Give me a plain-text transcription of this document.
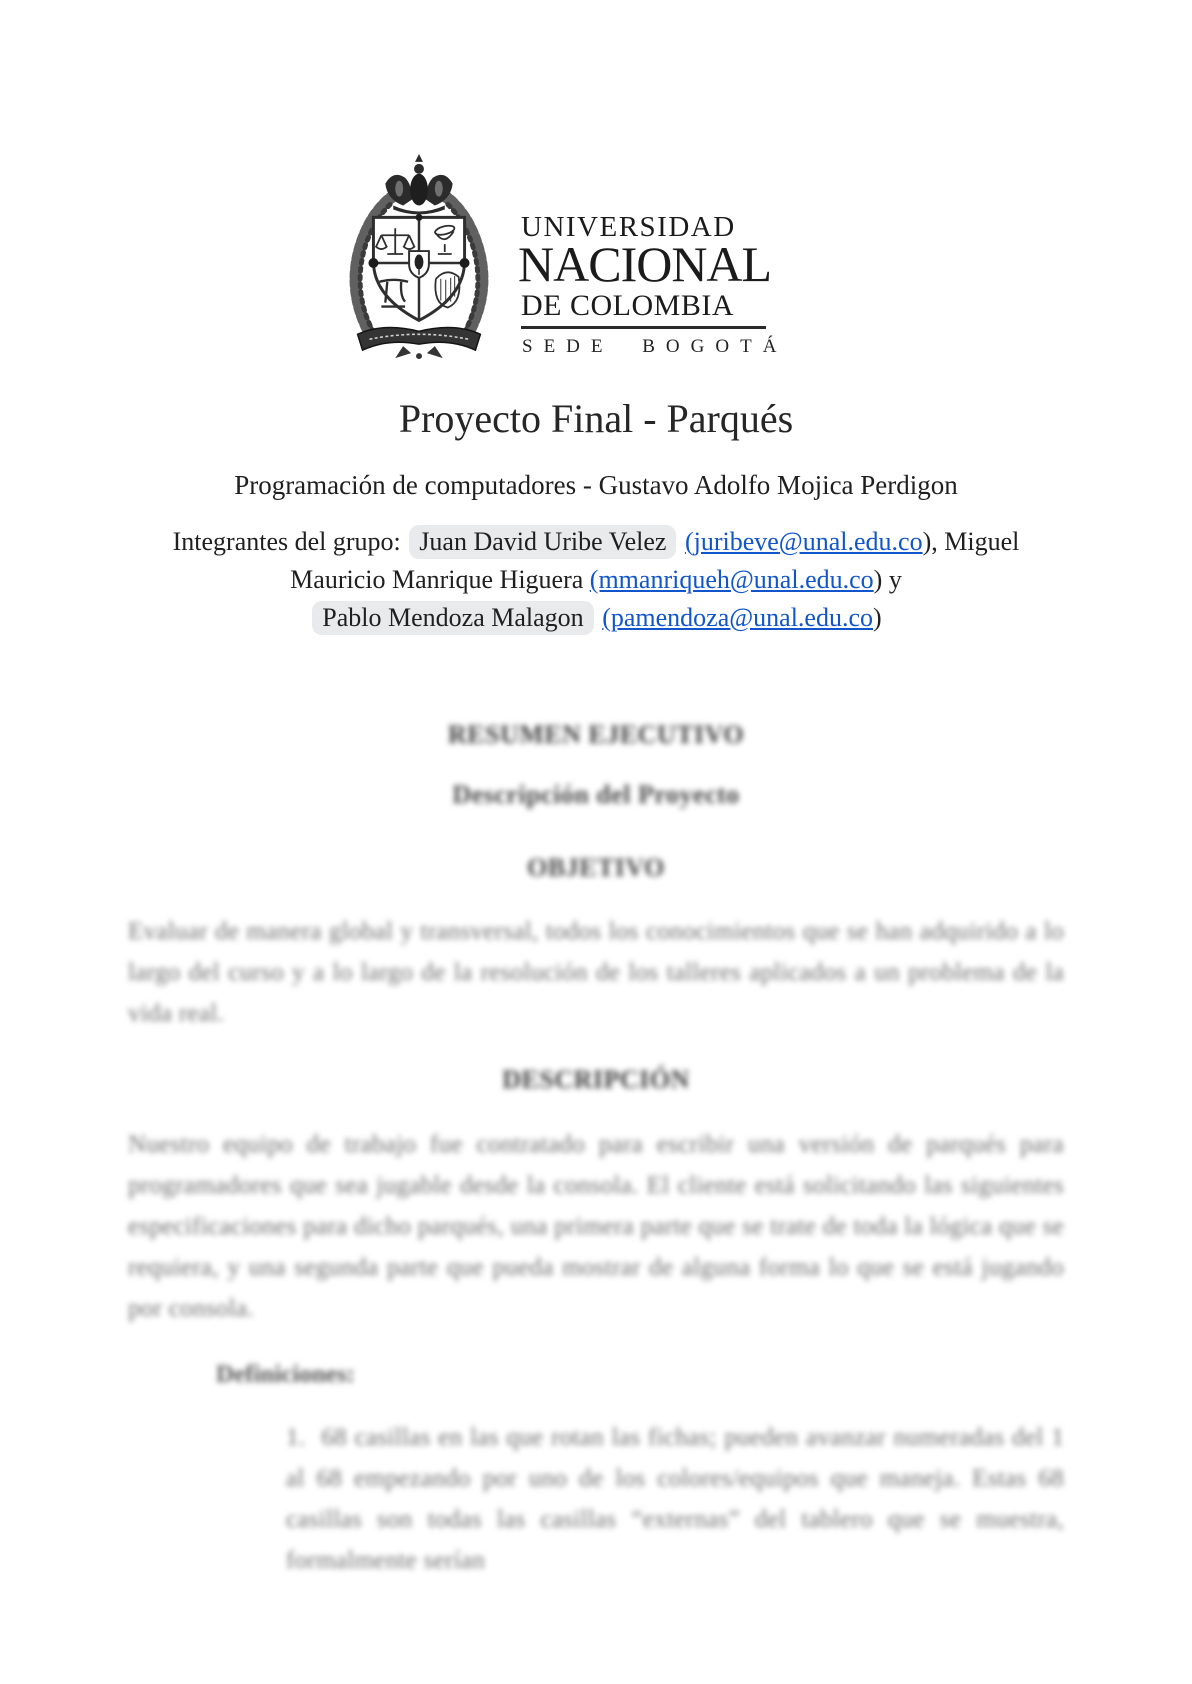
UNIVERSIDAD
NACIONAL
DE COLOMBIA
SEDE BOGOTÁ
Proyecto Final - Parqués
Programación de computadores - Gustavo Adolfo Mojica Perdigon

Integrantes del grupo: Juan David Uribe Velez (juribeve@unal.edu.co), Miguel
Mauricio Manrique Higuera (mmanriqueh@unal.edu.co) y
Pablo Mendoza Malagon (pamendoza@unal.edu.co)

RESUMEN EJECUTIVO
Descripción del Proyecto
OBJETIVO

Evaluar de manera global y transversal, todos los conocimientos que se han adquirido a lo largo del curso y a lo largo de la resolución de los talleres aplicados a un problema de la vida real.

DESCRIPCIÓN

Nuestro equipo de trabajo fue contratado para escribir una versión de parqués para programadores que sea jugable desde la consola. El cliente está solicitando las siguientes especificaciones para dicho parqués, una primera parte que se trate de toda la lógica que se requiera, y una segunda parte que pueda mostrar de alguna forma lo que se está jugando por consola.

Definiciones:

1. 68 casillas en las que rotan las fichas; pueden avanzar numeradas del 1 al 68 empezando por uno de los colores/equipos que maneja. Estas 68 casillas son todas las casillas “externas” del tablero que se muestra, formalmente serían
